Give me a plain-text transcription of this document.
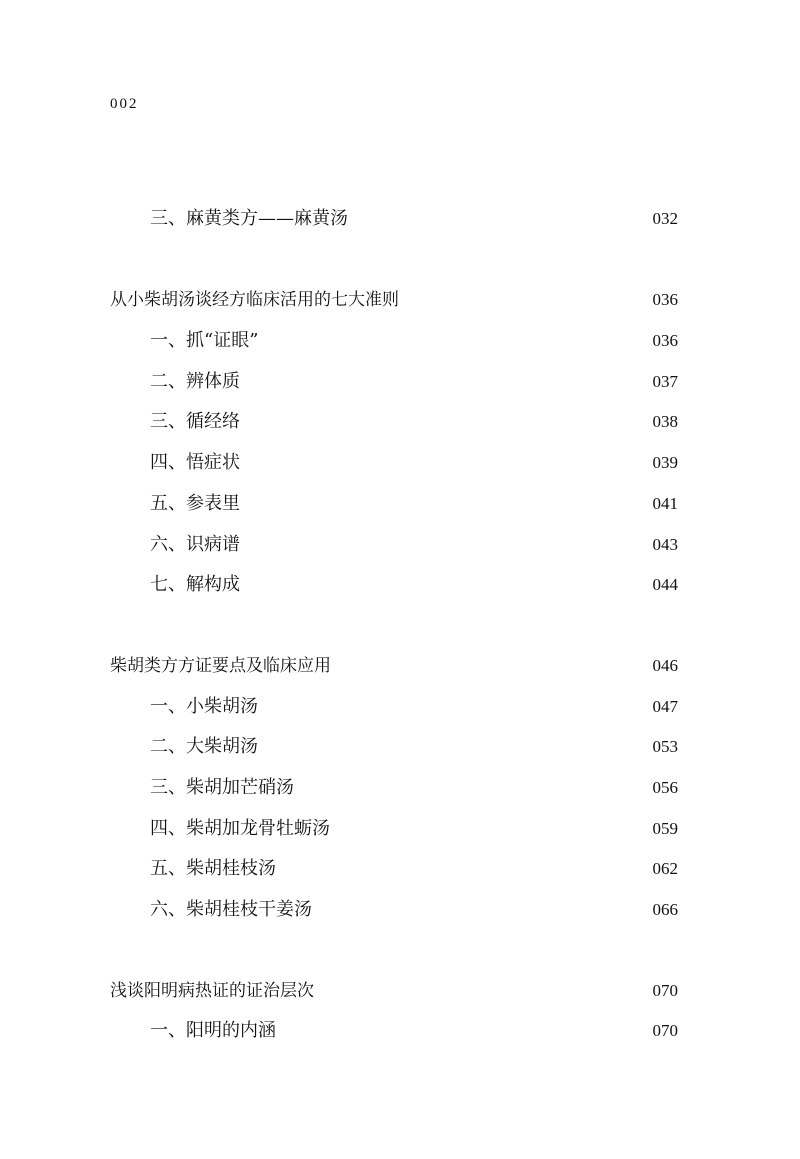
002
三、麻黄类方——麻黄汤	032
从小柴胡汤谈经方临床活用的七大准则	036
一、抓“证眼”	036
二、辨体质	037
三、循经络	038
四、悟症状	039
五、参表里	041
六、识病谱	043
七、解构成	044
柴胡类方方证要点及临床应用	046
一、小柴胡汤	047
二、大柴胡汤	053
三、柴胡加芒硝汤	056
四、柴胡加龙骨牡蛎汤	059
五、柴胡桂枝汤	062
六、柴胡桂枝干姜汤	066
浅谈阳明病热证的证治层次	070
一、阳明的内涵	070
